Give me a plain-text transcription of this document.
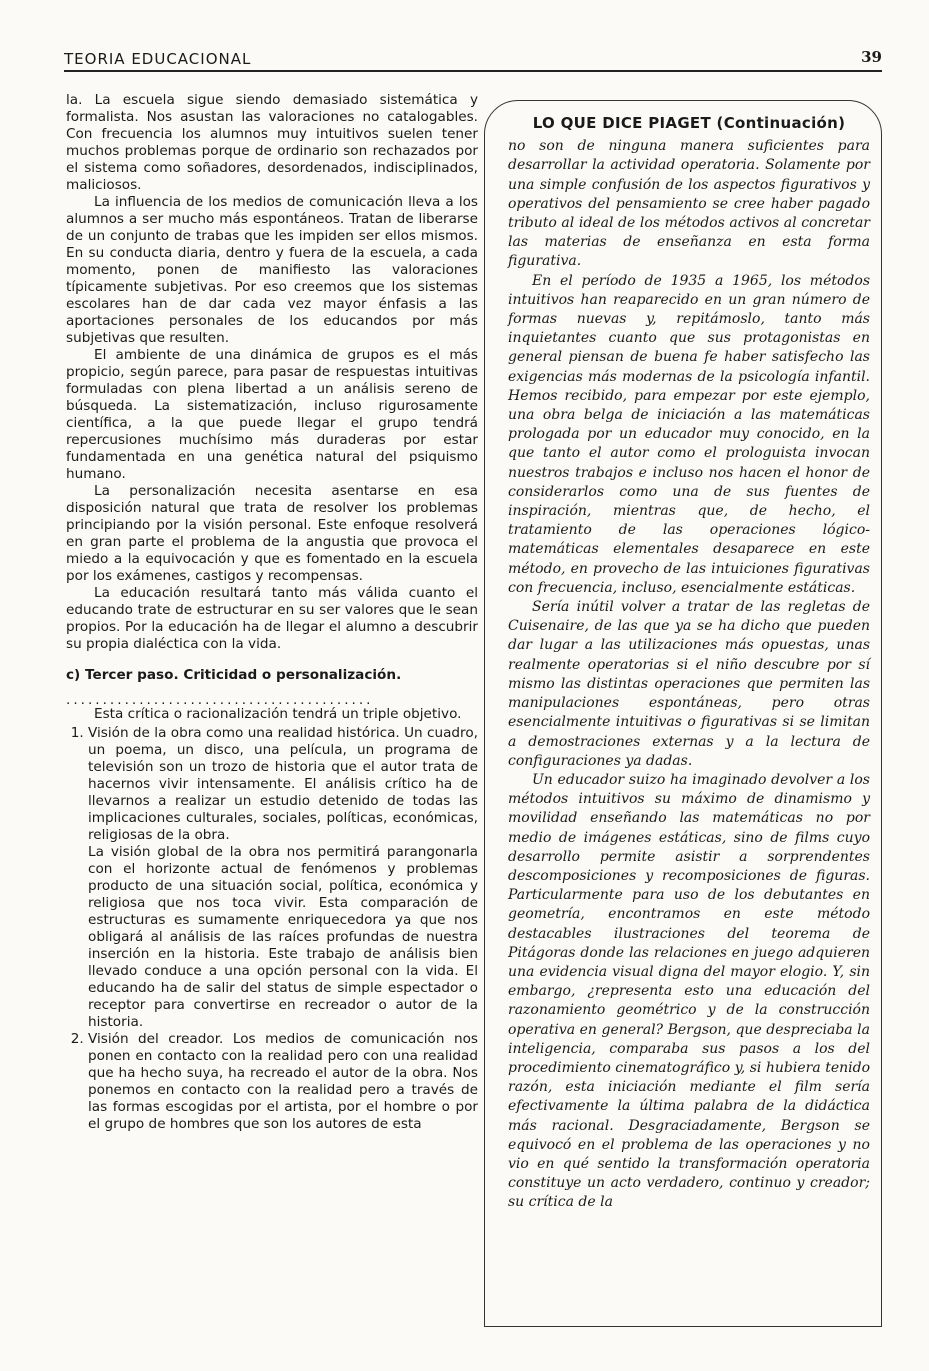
TEORIA EDUCACIONAL	39

la. La escuela sigue siendo demasiado sistemática y formalista. Nos asustan las valoraciones no catalogables. Con frecuencia los alumnos muy intuitivos suelen tener muchos problemas porque de ordinario son rechazados por el sistema como soñadores, desordenados, indisciplinados, maliciosos.

La influencia de los medios de comunicación lleva a los alumnos a ser mucho más espontáneos. Tratan de liberarse de un conjunto de trabas que les impiden ser ellos mismos. En su conducta diaria, dentro y fuera de la escuela, a cada momento, ponen de manifiesto las valoraciones típicamente subjetivas. Por eso creemos que los sistemas escolares han de dar cada vez mayor énfasis a las aportaciones personales de los educandos por más subjetivas que resulten.

El ambiente de una dinámica de grupos es el más propicio, según parece, para pasar de respuestas intuitivas formuladas con plena libertad a un análisis sereno de búsqueda. La sistematización, incluso rigurosamente científica, a la que puede llegar el grupo tendrá repercusiones muchísimo más duraderas por estar fundamentada en una genética natural del psiquismo humano.

La personalización necesita asentarse en esa disposición natural que trata de resolver los problemas principiando por la visión personal. Este enfoque resolverá en gran parte el problema de la angustia que provoca el miedo a la equivocación y que es fomentado en la escuela por los exámenes, castigos y recompensas.

La educación resultará tanto más válida cuanto el educando trate de estructurar en su ser valores que le sean propios. Por la educación ha de llegar el alumno a descubrir su propia dialéctica con la vida.

c) Tercer paso. Criticidad o personalización.

..........................................

Esta crítica o racionalización tendrá un triple objetivo.

1. Visión de la obra como una realidad histórica. Un cuadro, un poema, un disco, una película, un programa de televisión son un trozo de historia que el autor trata de hacernos vivir intensamente. El análisis crítico ha de llevarnos a realizar un estudio detenido de todas las implicaciones culturales, sociales, políticas, económicas, religiosas de la obra.

La visión global de la obra nos permitirá parangonarla con el horizonte actual de fenómenos y problemas producto de una situación social, política, económica y religiosa que nos toca vivir. Esta comparación de estructuras es sumamente enriquecedora ya que nos obligará al análisis de las raíces profundas de nuestra inserción en la historia. Este trabajo de análisis bien llevado conduce a una opción personal con la vida. El educando ha de salir del status de simple espectador o receptor para convertirse en recreador o autor de la historia.

2. Visión del creador. Los medios de comunicación nos ponen en contacto con la realidad pero con una realidad que ha hecho suya, ha recreado el autor de la obra. Nos ponemos en contacto con la realidad pero a través de las formas escogidas por el artista, por el hombre o por el grupo de hombres que son los autores de esta

LO QUE DICE PIAGET (Continuación)

no son de ninguna manera suficientes para desarrollar la actividad operatoria. Solamente por una simple confusión de los aspectos figurativos y operativos del pensamiento se cree haber pagado tributo al ideal de los métodos activos al concretar las materias de enseñanza en esta forma figurativa.

En el período de 1935 a 1965, los métodos intuitivos han reaparecido en un gran número de formas nuevas y, repitámoslo, tanto más inquietantes cuanto que sus protagonistas en general piensan de buena fe haber satisfecho las exigencias más modernas de la psicología infantil. Hemos recibido, para empezar por este ejemplo, una obra belga de iniciación a las matemáticas prologada por un educador muy conocido, en la que tanto el autor como el prologuista invocan nuestros trabajos e incluso nos hacen el honor de considerarlos como una de sus fuentes de inspiración, mientras que, de hecho, el tratamiento de las operaciones lógico-matemáticas elementales desaparece en este método, en provecho de las intuiciones figurativas con frecuencia, incluso, esencialmente estáticas.

Sería inútil volver a tratar de las regletas de Cuisenaire, de las que ya se ha dicho que pueden dar lugar a las utilizaciones más opuestas, unas realmente operatorias si el niño descubre por sí mismo las distintas operaciones que permiten las manipulaciones espontáneas, pero otras esencialmente intuitivas o figurativas si se limitan a demostraciones externas y a la lectura de configuraciones ya dadas.

Un educador suizo ha imaginado devolver a los métodos intuitivos su máximo de dinamismo y movilidad enseñando las matemáticas no por medio de imágenes estáticas, sino de films cuyo desarrollo permite asistir a sorprendentes descomposiciones y recomposiciones de figuras. Particularmente para uso de los debutantes en geometría, encontramos en este método destacables ilustraciones del teorema de Pitágoras donde las relaciones en juego adquieren una evidencia visual digna del mayor elogio. Y, sin embargo, ¿representa esto una educación del razonamiento geométrico y de la construcción operativa en general? Bergson, que despreciaba la inteligencia, comparaba sus pasos a los del procedimiento cinematográfico y, si hubiera tenido razón, esta iniciación mediante el film sería efectivamente la última palabra de la didáctica más racional. Desgraciadamente, Bergson se equivocó en el problema de las operaciones y no vio en qué sentido la transformación operatoria constituye un acto verdadero, continuo y creador; su crítica de la
